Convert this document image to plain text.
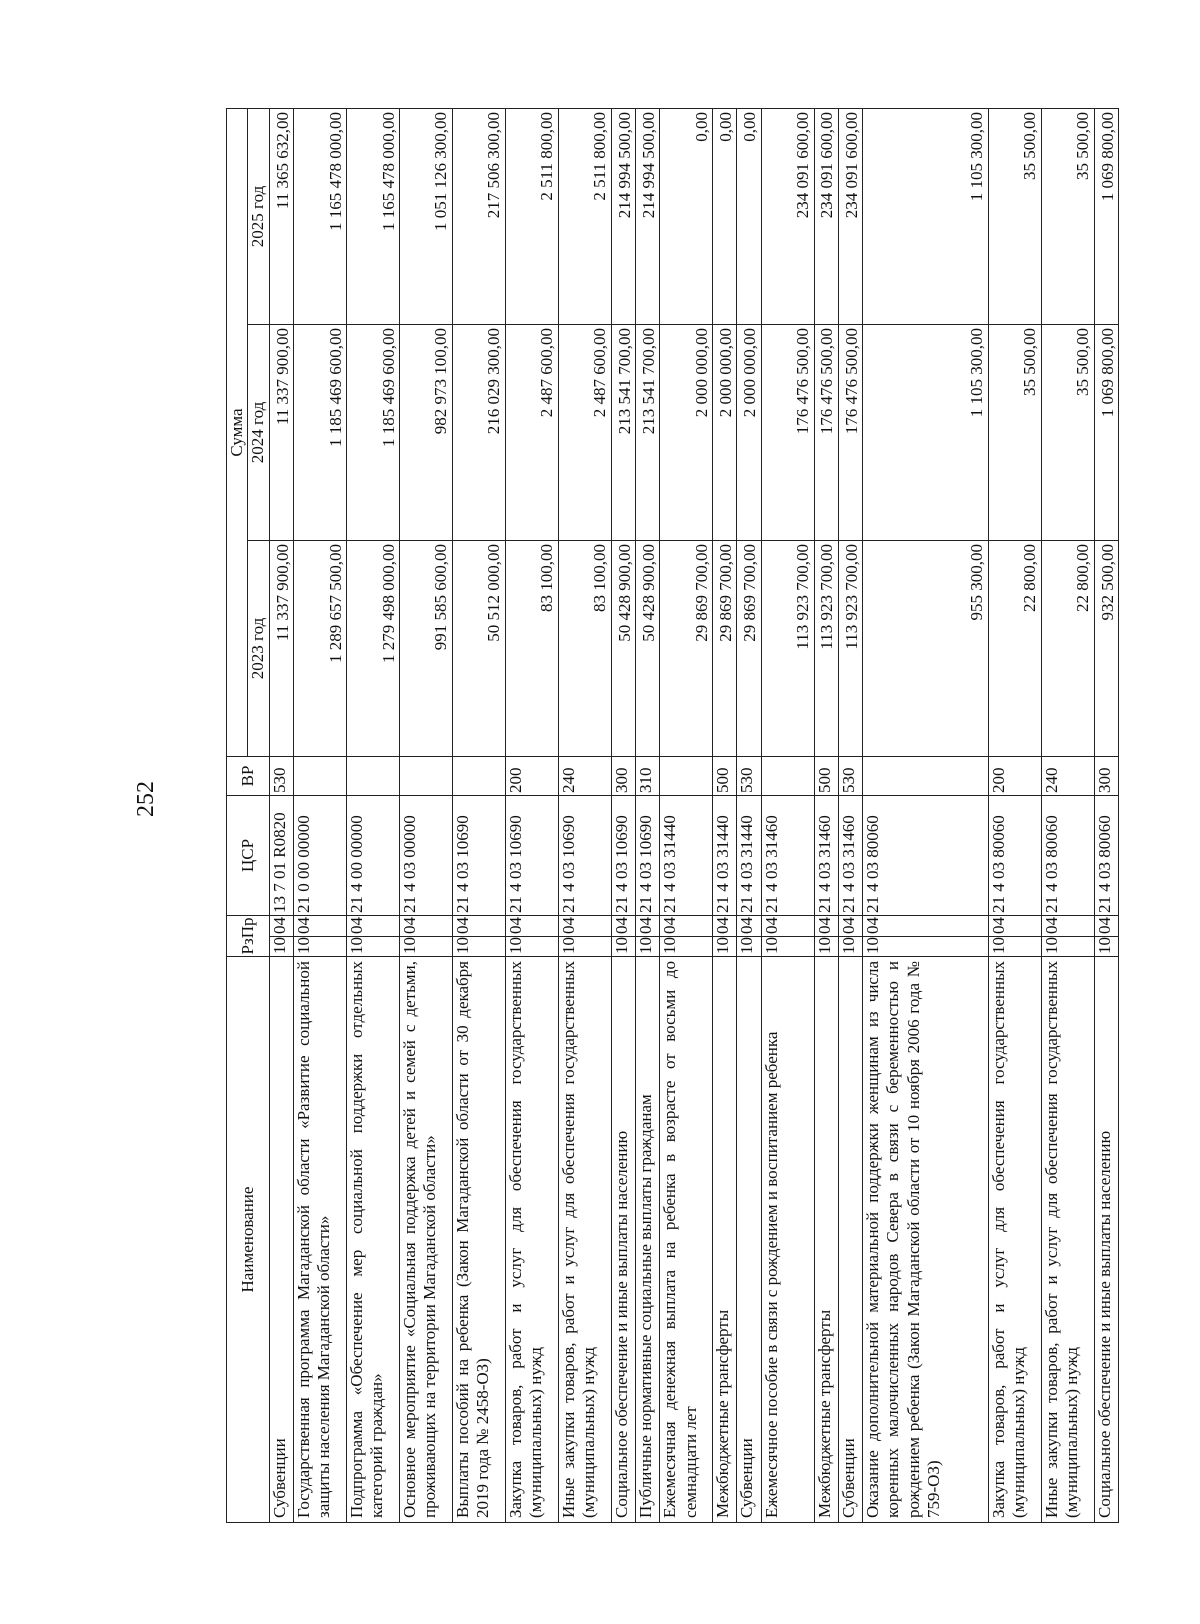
252
Наименование	РзПр		ЦСР	ВР	Сумма		
					2023 год	2024 год	2025 год
Субвенции	10	04	13 7 01 R0820	530	11 337 900,00	11 337 900,00	11 365 632,00
Государственная программа Магаданской области «Развитие социальной защиты населения Магаданской области»	10	04	21 0 00 00000		1 289 657 500,00	1 185 469 600,00	1 165 478 000,00
Подпрограмма «Обеспечение мер социальной поддержки отдельных категорий граждан»	10	04	21 4 00 00000		1 279 498 000,00	1 185 469 600,00	1 165 478 000,00
Основное мероприятие «Социальная поддержка детей и семей с детьми, проживающих на территории Магаданской области»	10	04	21 4 03 00000		991 585 600,00	982 973 100,00	1 051 126 300,00
Выплаты пособий на ребенка (Закон Магаданской области от 30 декабря 2019 года № 2458-ОЗ)	10	04	21 4 03 10690		50 512 000,00	216 029 300,00	217 506 300,00
Закупка товаров, работ и услуг для обеспечения государственных (муниципальных) нужд	10	04	21 4 03 10690	200	83 100,00	2 487 600,00	2 511 800,00
Иные закупки товаров, работ и услуг для обеспечения государственных (муниципальных) нужд	10	04	21 4 03 10690	240	83 100,00	2 487 600,00	2 511 800,00
Социальное обеспечение и иные выплаты населению	10	04	21 4 03 10690	300	50 428 900,00	213 541 700,00	214 994 500,00
Публичные нормативные социальные выплаты гражданам	10	04	21 4 03 10690	310	50 428 900,00	213 541 700,00	214 994 500,00
Ежемесячная денежная выплата на ребенка в возрасте от восьми до семнадцати лет	10	04	21 4 03 31440		29 869 700,00	2 000 000,00	0,00
Межбюджетные трансферты	10	04	21 4 03 31440	500	29 869 700,00	2 000 000,00	0,00
Субвенции	10	04	21 4 03 31440	530	29 869 700,00	2 000 000,00	0,00
Ежемесячное пособие в связи с рождением и воспитанием ребенка	10	04	21 4 03 31460		113 923 700,00	176 476 500,00	234 091 600,00
Межбюджетные трансферты	10	04	21 4 03 31460	500	113 923 700,00	176 476 500,00	234 091 600,00
Субвенции	10	04	21 4 03 31460	530	113 923 700,00	176 476 500,00	234 091 600,00
Оказание дополнительной материальной поддержки женщинам из числа коренных малочисленных народов Севера в связи с беременностью и рождением ребенка (Закон Магаданской области от 10 ноября 2006 года № 759-ОЗ)	10	04	21 4 03 80060		955 300,00	1 105 300,00	1 105 300,00
Закупка товаров, работ и услуг для обеспечения государственных (муниципальных) нужд	10	04	21 4 03 80060	200	22 800,00	35 500,00	35 500,00
Иные закупки товаров, работ и услуг для обеспечения государственных (муниципальных) нужд	10	04	21 4 03 80060	240	22 800,00	35 500,00	35 500,00
Социальное обеспечение и иные выплаты населению	10	04	21 4 03 80060	300	932 500,00	1 069 800,00	1 069 800,00
